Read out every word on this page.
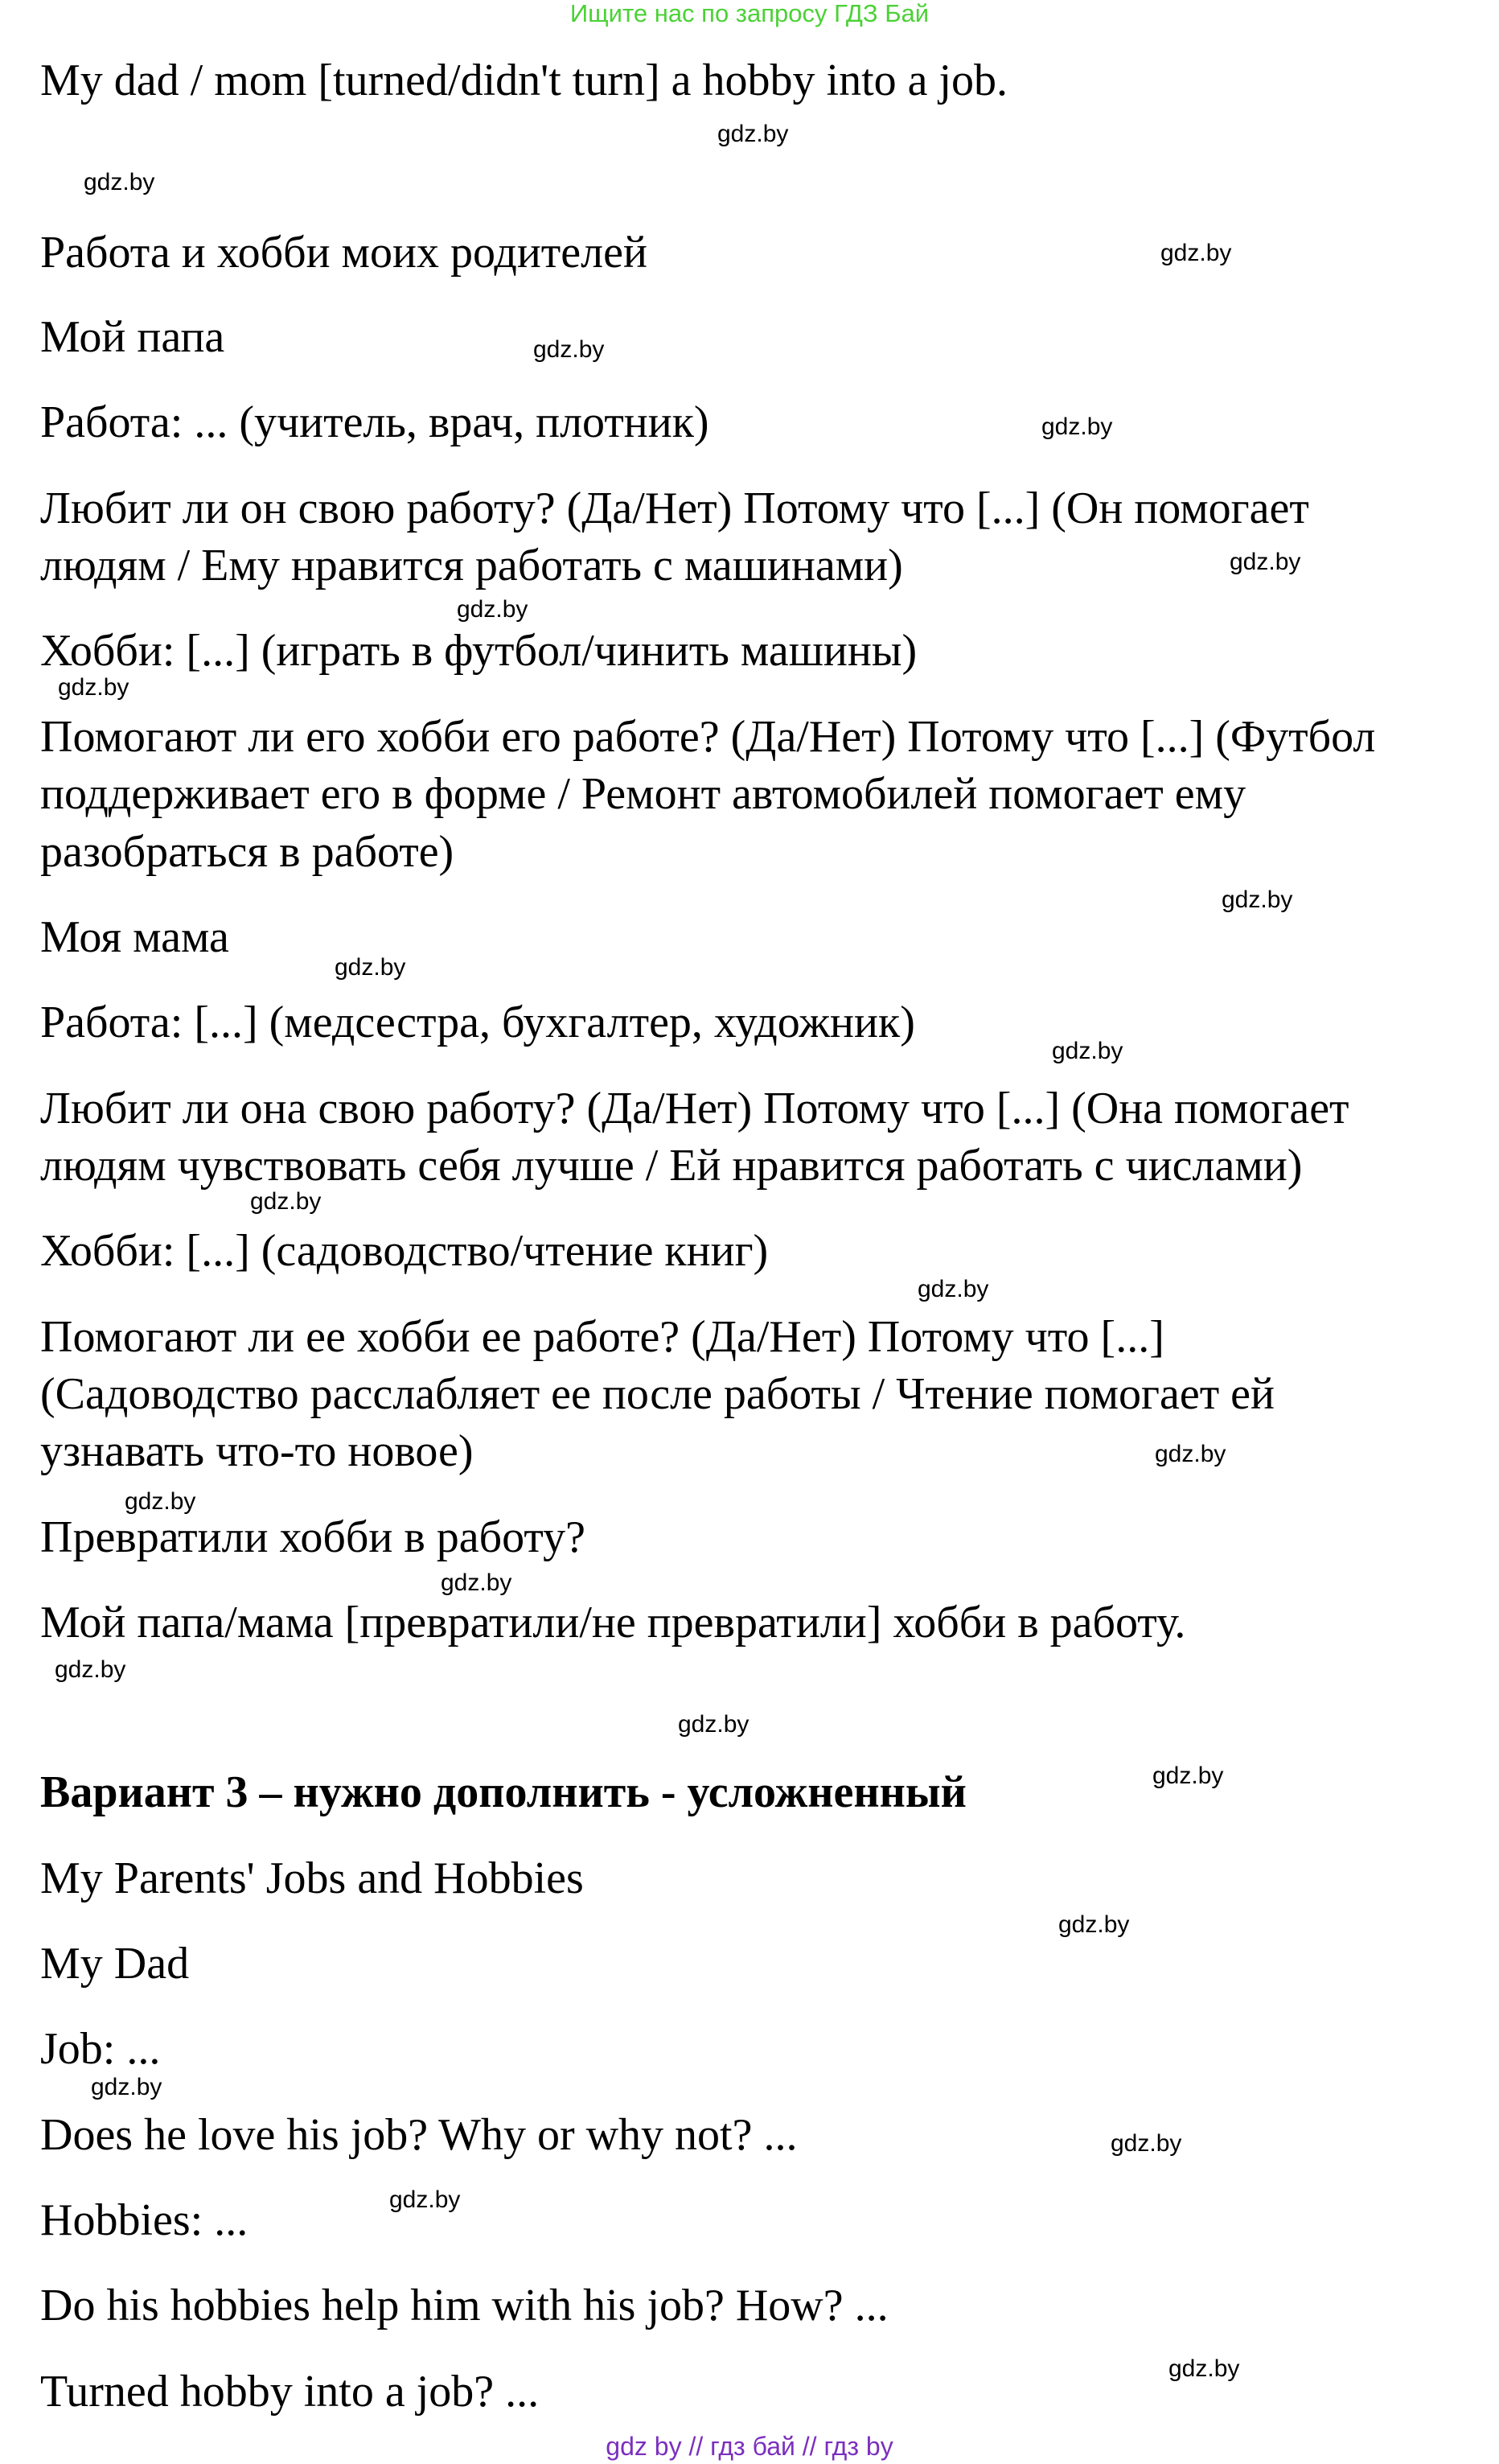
Ищите нас по запросу ГДЗ Бай
My dad / mom [turned/didn't turn] a hobby into a job.
Работа и хобби моих родителей
Мой папа
Работа: ... (учитель, врач, плотник)
Любит ли он свою работу? (Да/Нет) Потому что [...] (Он помогает
людям / Ему нравится работать с машинами)
Хобби: [...] (играть в футбол/чинить машины)
Помогают ли его хобби его работе? (Да/Нет) Потому что [...] (Футбол
поддерживает его в форме / Ремонт автомобилей помогает ему
разобраться в работе)
Моя мама
Работа: [...] (медсестра, бухгалтер, художник)
Любит ли она свою работу? (Да/Нет) Потому что [...] (Она помогает
людям чувствовать себя лучше / Ей нравится работать с числами)
Хобби: [...] (садоводство/чтение книг)
Помогают ли ее хобби ее работе? (Да/Нет) Потому что [...]
(Садоводство расслабляет ее после работы / Чтение помогает ей
узнавать что-то новое)
Превратили хобби в работу?
Мой папа/мама [превратили/не превратили] хобби в работу.
Вариант 3 – нужно дополнить - усложненный
My Parents' Jobs and Hobbies
My Dad
Job: ...
Does he love his job? Why or why not? ...
Hobbies: ...
Do his hobbies help him with his job? How? ...
Turned hobby into a job? ...
gdz.by
gdz.by
gdz.by
gdz.by
gdz.by
gdz.by
gdz.by
gdz.by
gdz.by
gdz.by
gdz.by
gdz.by
gdz.by
gdz.by
gdz.by
gdz.by
gdz.by
gdz.by
gdz.by
gdz.by
gdz.by
gdz.by
gdz.by
gdz.by
gdz by // гдз бай // гдз by
